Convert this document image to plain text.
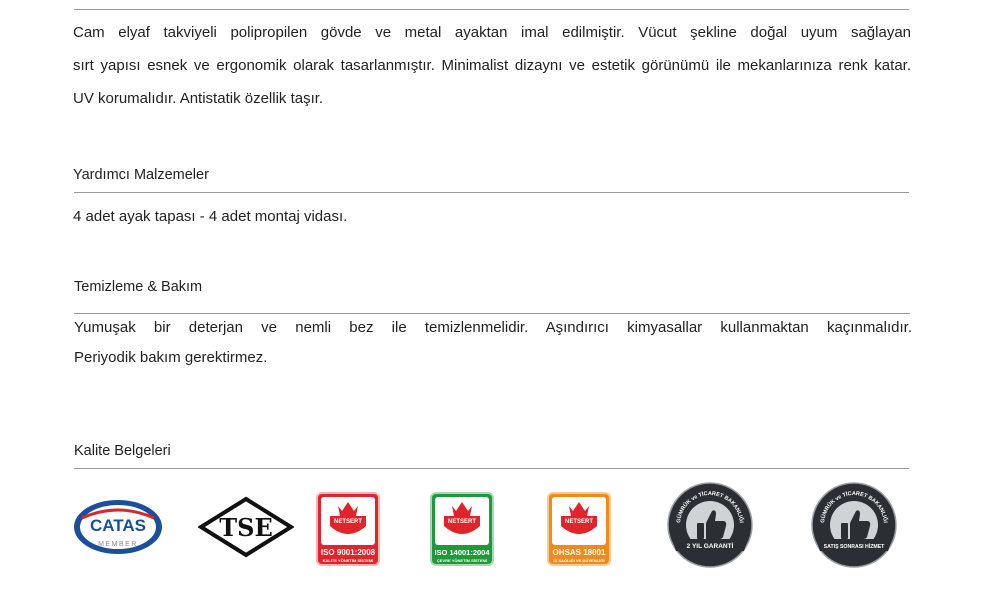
Cam elyaf takviyeli polipropilen gövde ve metal ayaktan imal edilmiştir. Vücut şekline doğal uyum sağlayan
sırt yapısı esnek ve ergonomik olarak tasarlanmıştır. Minimalist dizaynı ve estetik görünümü ile mekanlarınıza renk katar.
UV korumalıdır. Antistatik özellik taşır.
Yardımcı Malzemeler
4 adet ayak tapası - 4 adet montaj vidası.
Temizleme & Bakım
Yumuşak bir deterjan ve nemli bez ile temizlenmelidir. Aşındırıcı kimyasallar kullanmaktan kaçınmalıdır.
Periyodik bakım gerektirmez.
Kalite Belgeleri
CATAS
MEMBER
TSE	NETSERT
ISO 9001:2008
KALİTE YÖNETİM SİSTEMİ
NETSERT
ISO 14001:2004
ÇEVRE YÖNETİM SİSTEMİ
NETSERT
OHSAS 18001
İŞ SAĞLIĞI VE GÜVENLİĞİ
GÜMRÜK ve TİCARET BAKANLIĞI
2 YIL GARANTİ
GÜMRÜK ve TİCARET BAKANLIĞI
SATIŞ SONRASI HİZMET
